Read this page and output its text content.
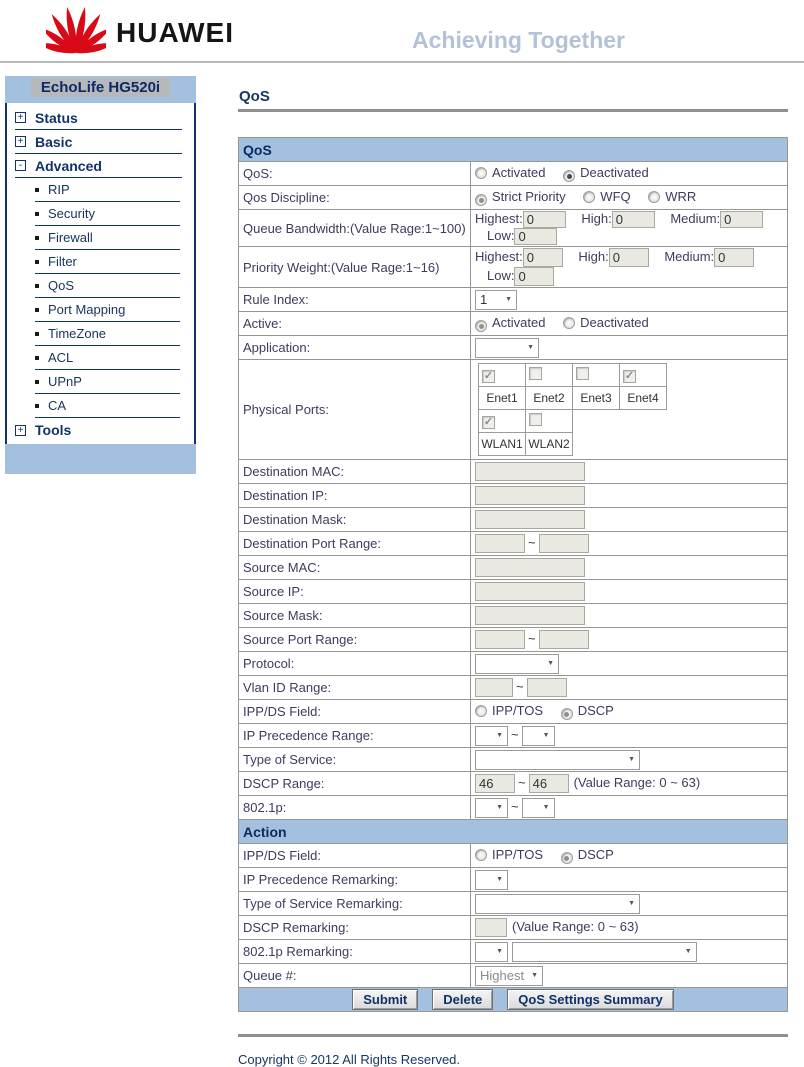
HUAWEI	Achieving Together
EchoLife HG520i
+ Status
+ Basic
- Advanced
RIP
Security
Firewall
Filter
QoS
Port Mapping
TimeZone
ACL
UPnP
CA
+ Tools
QoS
QoS
QoS:	Activated	Deactivated
Qos Discipline:	Strict Priority	WFQ	WRR
Queue Bandwidth:(Value Rage:1~100)	Highest:0	High:0	Medium:0 Low:0
Priority Weight:(Value Rage:1~16)	Highest:0	High:0	Medium:0 Low:0
Rule Index:	1	▼

Active:	Activated	Deactivated
Application:	▼

Physical Ports:	
✓			✓
Enet1	Enet2	Enet3	Enet4
✓	
WLAN1	WLAN2

Destination MAC:	
Destination IP:	
Destination Mask:	
Destination Port Range:	~
Source MAC:	
Source IP:	
Source Mask:	
Source Port Range:	~
Protocol:	▼

Vlan ID Range:	~
IPP/DS Field:	IPP/TOS	DSCP
IP Precedence Range:	▼ ~	▼

Type of Service:	▼

DSCP Range:	46~46	(Value Range: 0 ~ 63)
802.1p:	▼ ~	▼

Action
IPP/DS Field:	IPP/TOS	DSCP
IP Precedence Remarking:	▼

Type of Service Remarking:	▼

DSCP Remarking:	(Value Range: 0 ~ 63)
802.1p Remarking:	▼
	▼

Queue #:	Highest ▼

Submit	Delete	QoS Settings Summary
Copyright © 2012 All Rights Reserved.
